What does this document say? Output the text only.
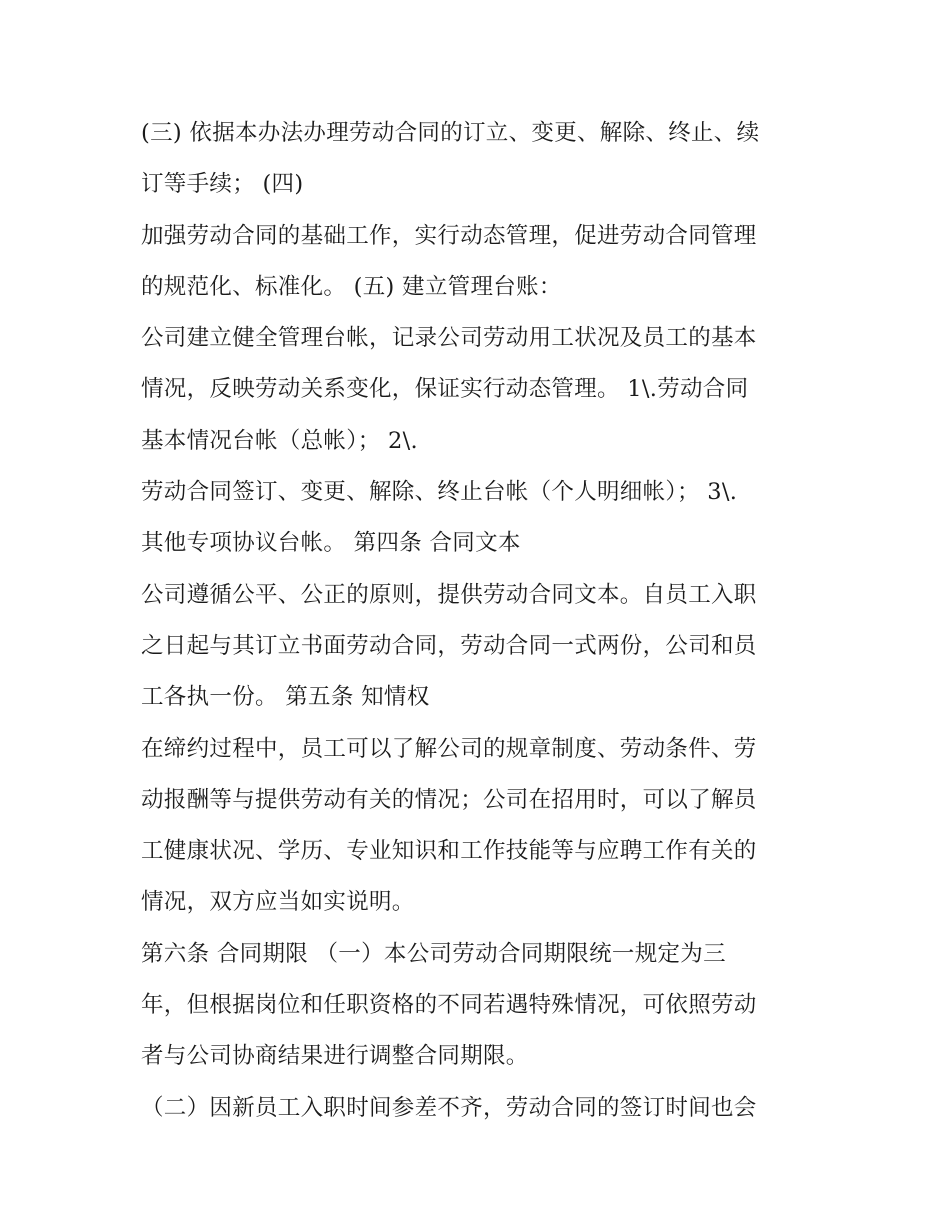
(三) 依据本办法办理劳动合同的订立、变更、解除、终止、续
订等手续； (四)
加强劳动合同的基础工作，实行动态管理，促进劳动合同管理
的规范化、标准化。 (五) 建立管理台账：
公司建立健全管理台帐，记录公司劳动用工状况及员工的基本
情况，反映劳动关系变化，保证实行动态管理。 1\.劳动合同
基本情况台帐（总帐）； 2\.
劳动合同签订、变更、解除、终止台帐（个人明细帐）； 3\.
其他专项协议台帐。 第四条 合同文本
公司遵循公平、公正的原则，提供劳动合同文本。自员工入职
之日起与其订立书面劳动合同，劳动合同一式两份，公司和员
工各执一份。 第五条 知情权
在缔约过程中，员工可以了解公司的规章制度、劳动条件、劳
动报酬等与提供劳动有关的情况；公司在招用时，可以了解员
工健康状况、学历、专业知识和工作技能等与应聘工作有关的
情况，双方应当如实说明。
第六条 合同期限 （一）本公司劳动合同期限统一规定为三
年，但根据岗位和任职资格的不同若遇特殊情况，可依照劳动
者与公司协商结果进行调整合同期限。
（二）因新员工入职时间参差不齐，劳动合同的签订时间也会
